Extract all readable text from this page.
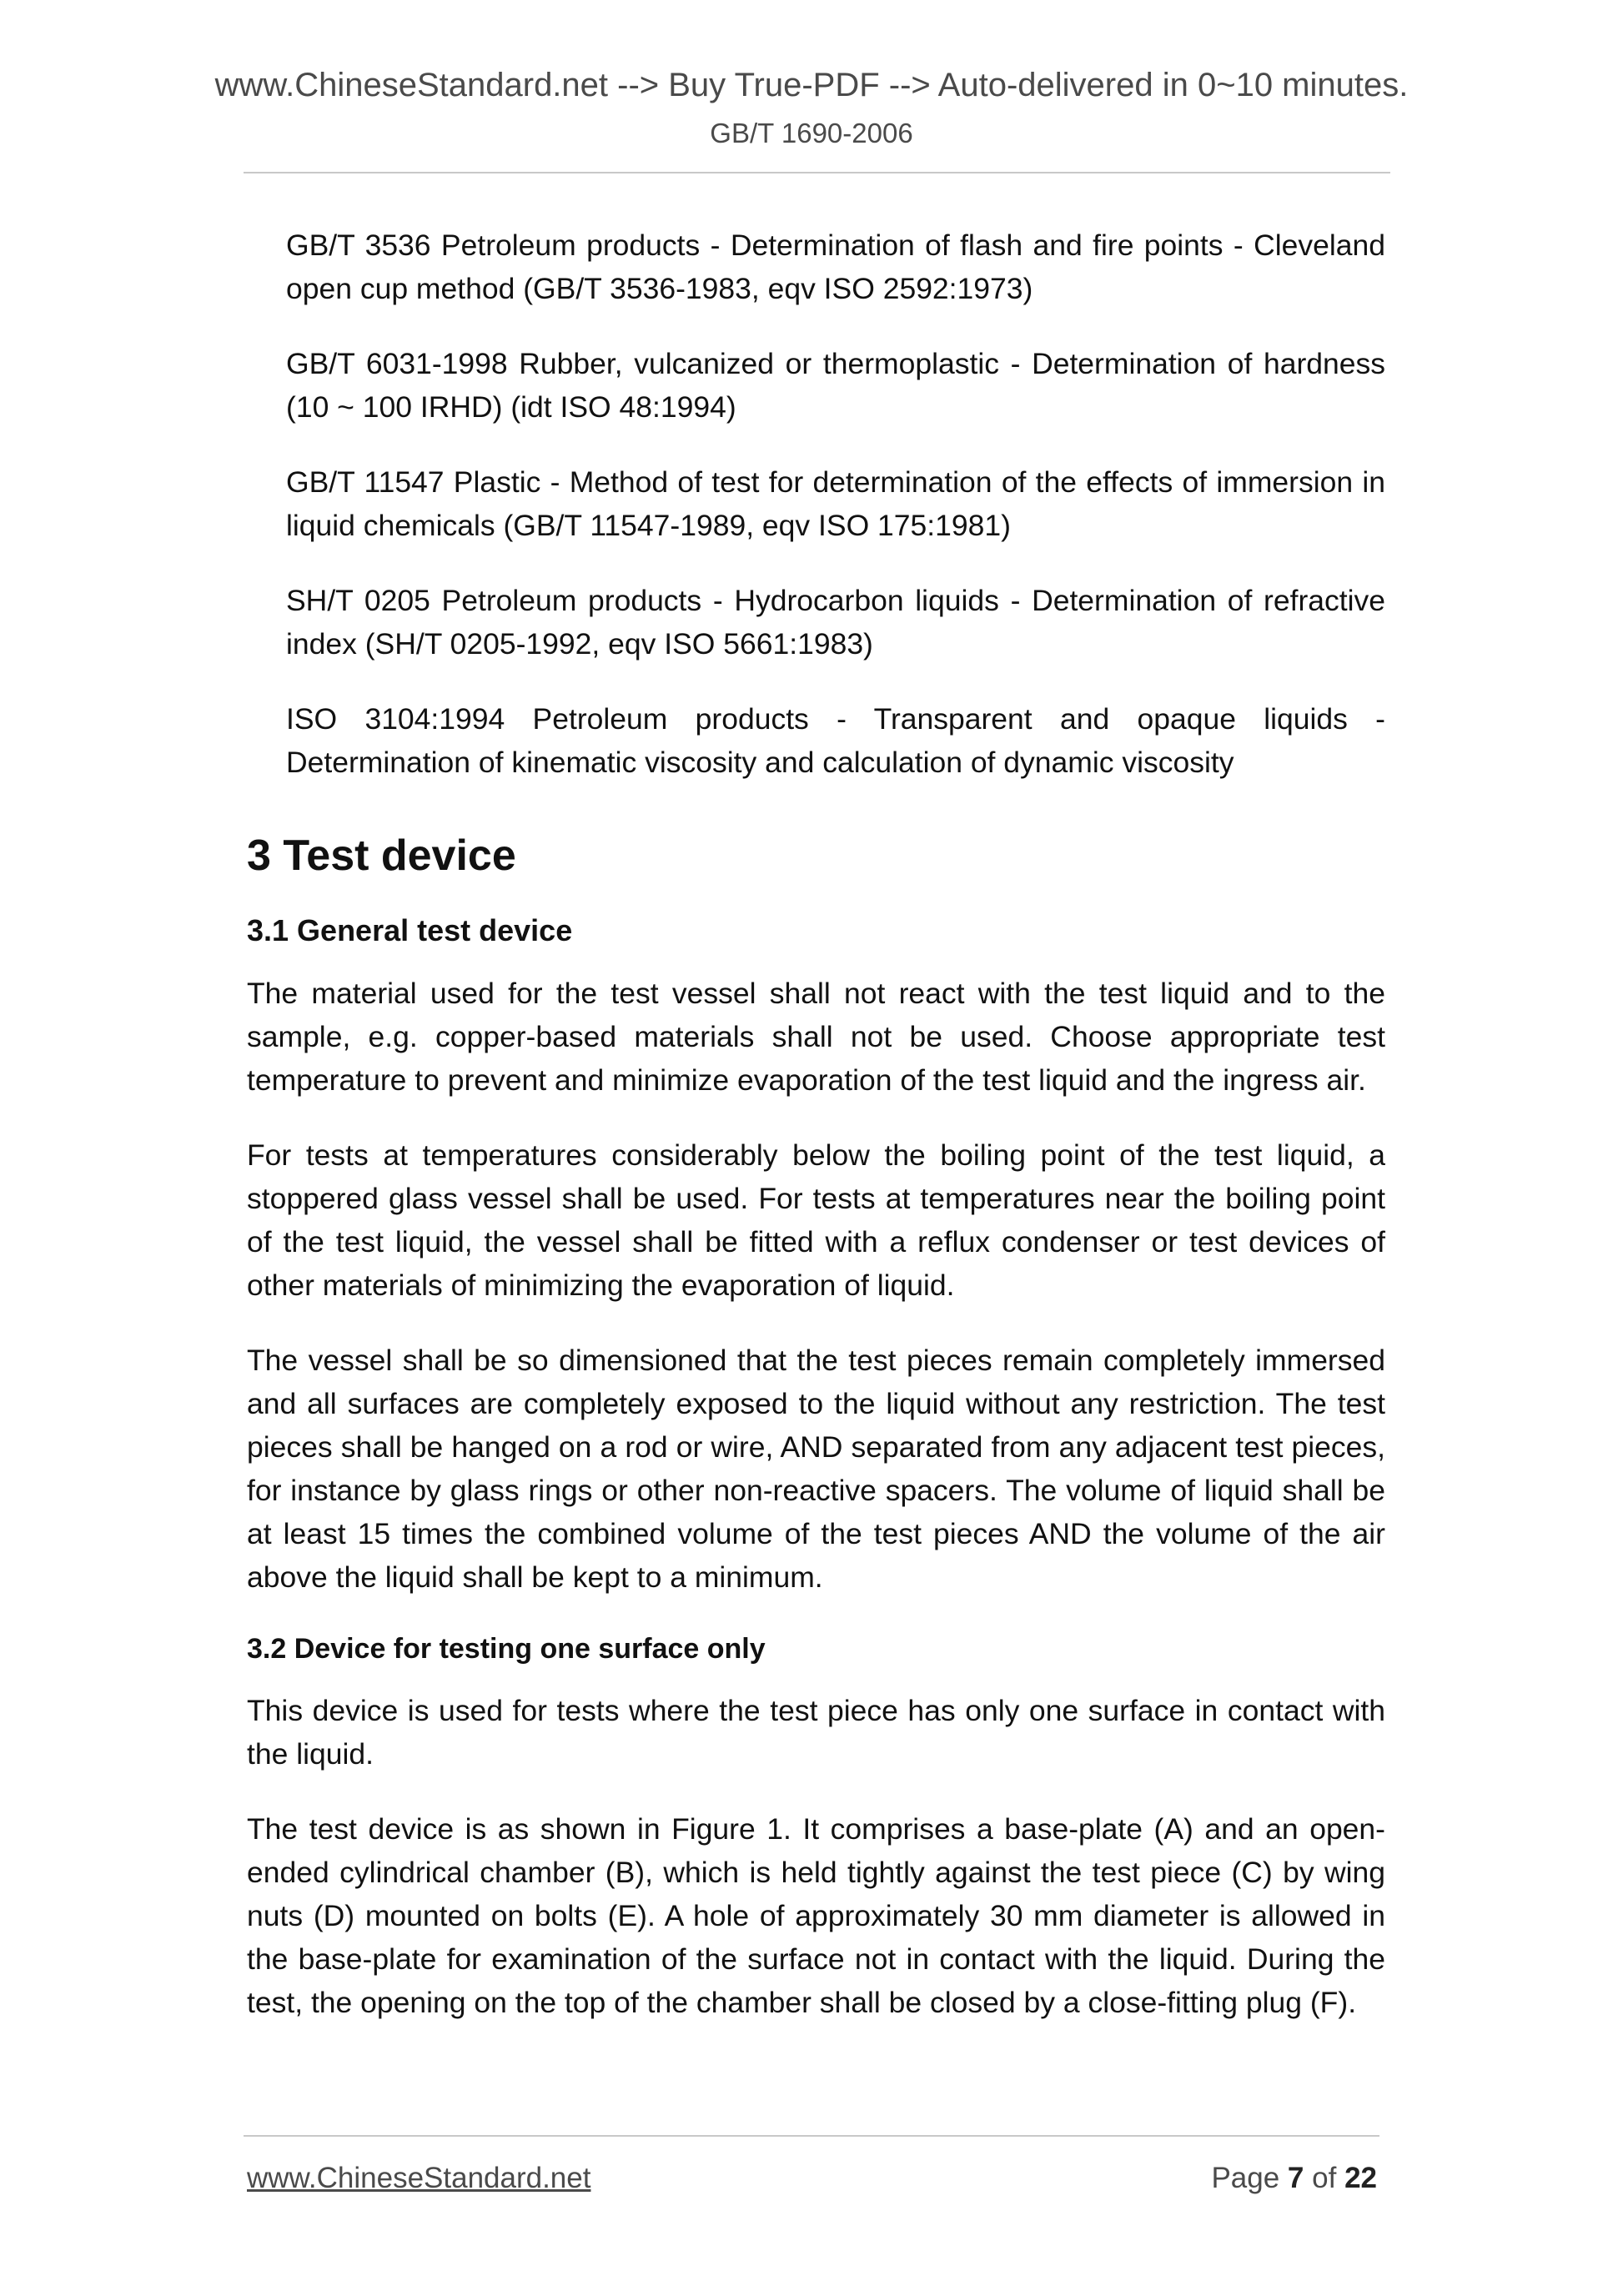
www.ChineseStandard.net --> Buy True-PDF --> Auto-delivered in 0~10 minutes.
GB/T 1690-2006

GB/T 3536 Petroleum products - Determination of flash and fire points - Cleveland open cup method (GB/T 3536-1983, eqv ISO 2592:1973)

GB/T 6031-1998 Rubber, vulcanized or thermoplastic - Determination of hardness (10 ~ 100 IRHD) (idt ISO 48:1994)

GB/T 11547 Plastic - Method of test for determination of the effects of immersion in liquid chemicals (GB/T 11547-1989, eqv ISO 175:1981)

SH/T 0205 Petroleum products - Hydrocarbon liquids - Determination of refractive index (SH/T 0205-1992, eqv ISO 5661:1983)

ISO 3104:1994 Petroleum products - Transparent and opaque liquids - Determination of kinematic viscosity and calculation of dynamic viscosity

3 Test device
3.1 General test device

The material used for the test vessel shall not react with the test liquid and to the sample, e.g. copper-based materials shall not be used. Choose appropriate test temperature to prevent and minimize evaporation of the test liquid and the ingress air.

For tests at temperatures considerably below the boiling point of the test liquid, a stoppered glass vessel shall be used. For tests at temperatures near the boiling point of the test liquid, the vessel shall be fitted with a reflux condenser or test devices of other materials of minimizing the evaporation of liquid.

The vessel shall be so dimensioned that the test pieces remain completely immersed and all surfaces are completely exposed to the liquid without any restriction. The test pieces shall be hanged on a rod or wire, AND separated from any adjacent test pieces, for instance by glass rings or other non-reactive spacers. The volume of liquid shall be at least 15 times the combined volume of the test pieces AND the volume of the air above the liquid shall be kept to a minimum.

3.2 Device for testing one surface only

This device is used for tests where the test piece has only one surface in contact with the liquid.

The test device is as shown in Figure 1. It comprises a base-plate (A) and an open-ended cylindrical chamber (B), which is held tightly against the test piece (C) by wing nuts (D) mounted on bolts (E). A hole of approximately 30 mm diameter is allowed in the base-plate for examination of the surface not in contact with the liquid. During the test, the opening on the top of the chamber shall be closed by a close-fitting plug (F).

www.ChineseStandard.net	Page 7 of 22
